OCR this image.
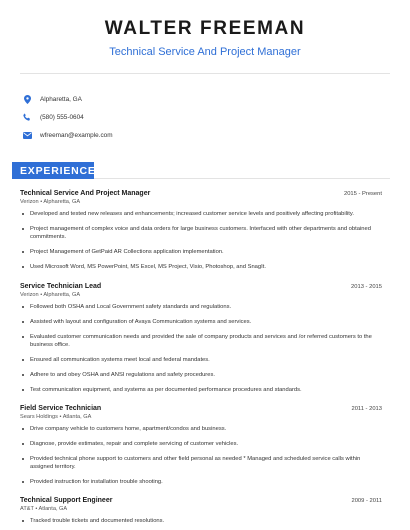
WALTER FREEMAN
Technical Service And Project Manager
Alpharetta, GA
(580) 555-0604
wfreeman@example.com
EXPERIENCE
Technical Service And Project Manager	2015 - Present
Verizon • Alpharetta, GA
Developed and tested new releases and enhancements; increased customer service levels and positively affecting profitability.
Project management of complex voice and data orders for large business customers. Interfaced with other departments and obtained commitments.
Project Management of GetPaid AR Collections application implementation.
Used Microsoft Word, MS PowerPoint, MS Excel, MS Project, Visio, Photoshop, and SnagIt.
Service Technician Lead	2013 - 2015
Verizon • Alpharetta, GA
Followed both OSHA and Local Government safety standards and regulations.
Assisted with layout and configuration of Avaya Communication systems and services.
Evaluated customer communication needs and provided the sale of company products and services and /or referred customers to the business office.
Ensured all communication systems meet local and federal mandates.
Adhere to and obey OSHA and ANSI regulations and safety procedures.
Test communication equipment, and systems as per documented performance procedures and standards.
Field Service Technician	2011 - 2013
Sears Holdings • Atlanta, GA
Drive company vehicle to customers home, apartment/condos and business.
Diagnose, provide estimates, repair and complete servicing of customer vehicles.
Provided technical phone support to customers and other field personal as needed * Managed and scheduled service calls within assigned territory.
Provided instruction for installation trouble shooting.
Technical Support Engineer	2009 - 2011
AT&T • Atlanta, GA
Tracked trouble tickets and documented resolutions.
